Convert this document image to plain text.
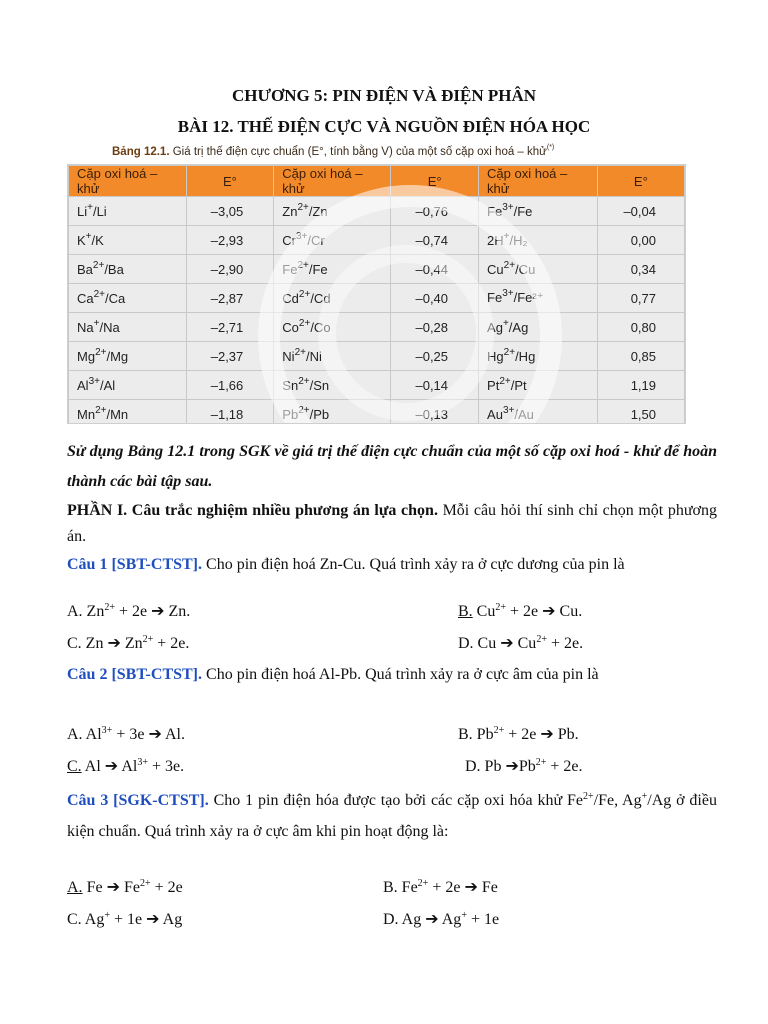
CHƯƠNG 5: PIN ĐIỆN VÀ ĐIỆN PHÂN
BÀI 12. THẾ ĐIỆN CỰC VÀ NGUỒN ĐIỆN HÓA HỌC
Bảng 12.1. Giá trị thế điện cực chuẩn (E°, tính bằng V) của một số cặp oxi hoá – khử(*)
Cặp oxi hoá – khử	E°	Cặp oxi hoá – khử	E°	Cặp oxi hoá – khử	E°
Li+/Li	–3,05	$Zn^{2+}/Zn$	–0,76	$Fe^{3+}/Fe$	–0,04
K+/K	–2,93	$Cr^{3+}/Cr$	–0,74	2H+/H₂	0,00
$Ba^{2+}/Ba$	–2,90	$Fe^{2+}/Fe$	–0,44	$Cu^{2+}/Cu$	0,34
$Ca^{2+}/Ca$	–2,87	$Cd^{2+}/Cd$	–0,40	$Fe^{3+}/Fe^{2+}$	0,77
Na+/Na	–2,71	$Co^{2+}/Co$	–0,28	Ag+/Ag	0,80
$Mg^{2+}/Mg$	–2,37	$Ni^{2+}/Ni$	–0,25	$Hg^{2+}/Hg$	0,85
$Al^{3+}/Al$	–1,66	$Sn^{2+}/Sn$	–0,14	$Pt^{2+}/Pt$	1,19
$Mn^{2+}/Mn$	–1,18	$Pb^{2+}/Pb$	–0,13	$Au^{3+}/Au$	1,50
Sử dụng Bảng 12.1 trong SGK về giá trị thế điện cực chuẩn của một số cặp oxi hoá - khử để hoàn thành các bài tập sau.
PHẦN I. Câu trắc nghiệm nhiều phương án lựa chọn. Mỗi câu hỏi thí sinh chỉ chọn một phương án.
Câu 1 [SBT-CTST]. Cho pin điện hoá Zn-Cu. Quá trình xảy ra ở cực dương của pin là
A. $Zn^{2+} + 2e$ ➔ Zn.	B. $Cu^{2+} + 2e$ ➔ Cu.
C. Zn ➔ $Zn^{2+} + 2e$.	D. Cu ➔ $Cu^{2+} + 2e$.
Câu 2 [SBT-CTST]. Cho pin điện hoá Al-Pb. Quá trình xảy ra ở cực âm của pin là
A. $Al^{3+} + 3e$ ➔ Al.	B. $Pb^{2+} + 2e$ ➔ Pb.
C. Al ➔ $Al^{3+} + 3e$.	D. Pb $➔Pb^{2+} + 2e$.
Câu 3 [SGK-CTST]. Cho 1 pin điện hóa được tạo bởi các cặp oxi hóa khử $Fe^{2+}/Fe$, Ag+/Ag ở điều kiện chuẩn. Quá trình xảy ra ở cực âm khi pin hoạt động là:
A. Fe ➔ $Fe^{2+} + 2e$	B. $Fe^{2+} + 2e$ ➔ Fe
C. Ag+ + 1e ➔ Ag	D. Ag ➔ Ag+ + 1e
